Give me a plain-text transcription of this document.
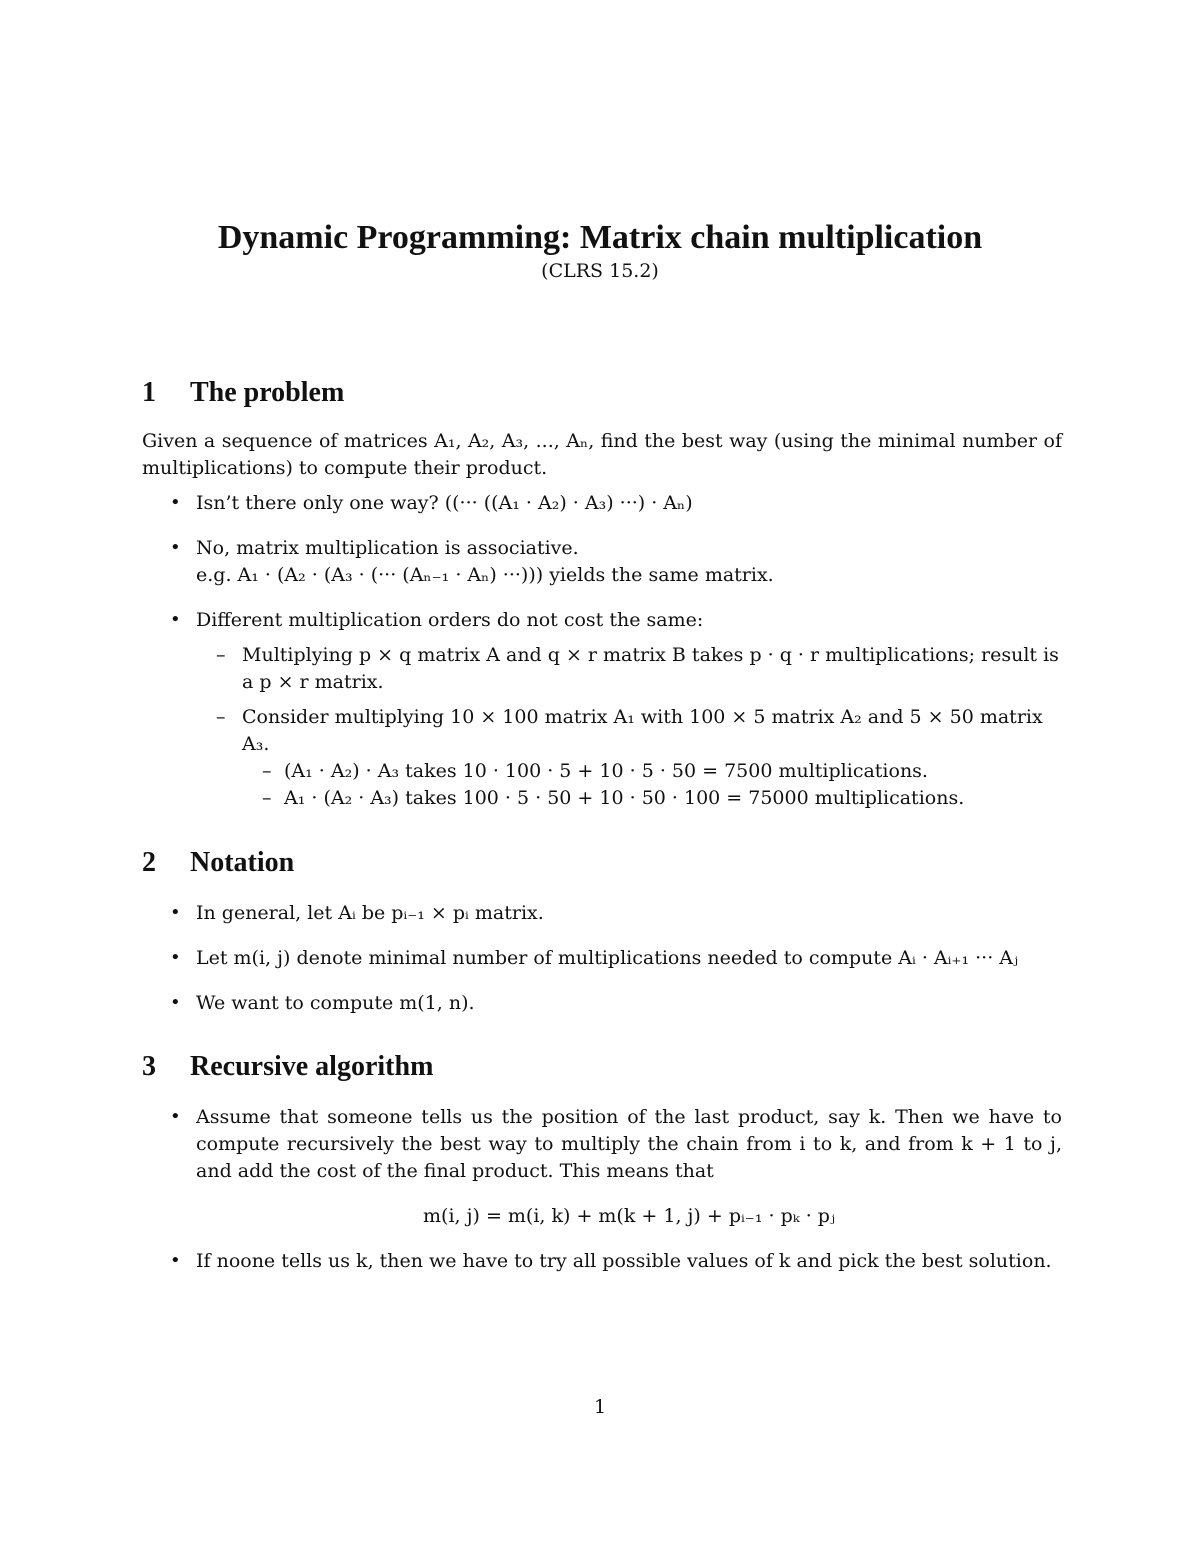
Dynamic Programming: Matrix chain multiplication
(CLRS 15.2)
1 The problem

Given a sequence of matrices A₁, A₂, A₃, ..., Aₙ, find the best way (using the minimal number of multiplications) to compute their product.

• Isn’t there only one way? ((··· ((A₁ · A₂) · A₃) ···) · Aₙ)
• No, matrix multiplication is associative.
e.g. A₁ · (A₂ · (A₃ · (··· (Aₙ₋₁ · Aₙ) ···))) yields the same matrix.
• Different multiplication orders do not cost the same:
– Multiplying p × q matrix A and q × r matrix B takes p · q · r multiplications; result is a p × r matrix.
– Consider multiplying 10 × 100 matrix A₁ with 100 × 5 matrix A₂ and 5 × 50 matrix A₃.
– (A₁ · A₂) · A₃ takes 10 · 100 · 5 + 10 · 5 · 50 = 7500 multiplications.
– A₁ · (A₂ · A₃) takes 100 · 5 · 50 + 10 · 50 · 100 = 75000 multiplications.
2 Notation
• In general, let Aᵢ be pᵢ₋₁ × pᵢ matrix.
• Let m(i, j) denote minimal number of multiplications needed to compute Aᵢ · Aᵢ₊₁ ··· Aⱼ
• We want to compute m(1, n).
3 Recursive algorithm
• Assume that someone tells us the position of the last product, say k. Then we have to compute recursively the best way to multiply the chain from i to k, and from k + 1 to j, and add the cost of the final product. This means that
m(i, j) = m(i, k) + m(k + 1, j) + pᵢ₋₁ · pₖ · pⱼ
• If noone tells us k, then we have to try all possible values of k and pick the best solution.
1
